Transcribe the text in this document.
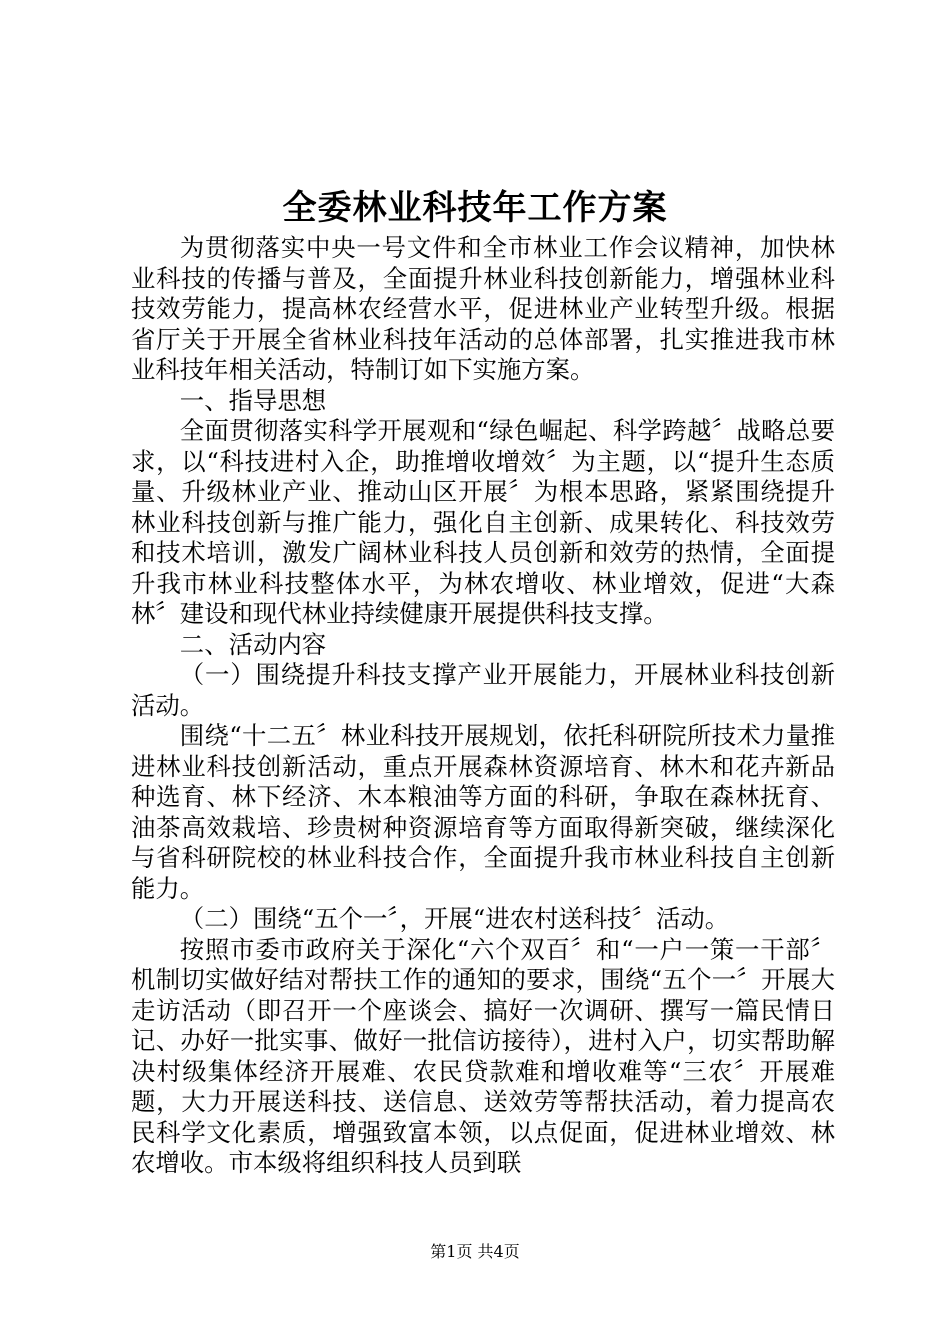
全委林业科技年工作方案

为贯彻落实中央一号文件和全市林业工作会议精神，加快林业科技的传播与普及，全面提升林业科技创新能力，增强林业科技效劳能力，提高林农经营水平，促进林业产业转型升级。根据省厅关于开展全省林业科技年活动的总体部署，扎实推进我市林业科技年相关活动，特制订如下实施方案。

一、指导思想

全面贯彻落实科学开展观和“绿色崛起、科学跨越〞战略总要求，以“科技进村入企，助推增收增效〞为主题，以“提升生态质量、升级林业产业、推动山区开展〞为根本思路，紧紧围绕提升林业科技创新与推广能力，强化自主创新、成果转化、科技效劳和技术培训，激发广阔林业科技人员创新和效劳的热情，全面提升我市林业科技整体水平，为林农增收、林业增效，促进“大森林〞建设和现代林业持续健康开展提供科技支撑。

二、活动内容

（一）围绕提升科技支撑产业开展能力，开展林业科技创新活动。

围绕“十二五〞林业科技开展规划，依托科研院所技术力量推进林业科技创新活动，重点开展森林资源培育、林木和花卉新品种选育、林下经济、木本粮油等方面的科研，争取在森林抚育、油茶高效栽培、珍贵树种资源培育等方面取得新突破，继续深化与省科研院校的林业科技合作，全面提升我市林业科技自主创新能力。

（二）围绕“五个一〞，开展“进农村送科技〞活动。

按照市委市政府关于深化“六个双百〞和“一户一策一干部〞机制切实做好结对帮扶工作的通知的要求，围绕“五个一〞开展大走访活动（即召开一个座谈会、搞好一次调研、撰写一篇民情日记、办好一批实事、做好一批信访接待），进村入户，切实帮助解决村级集体经济开展难、农民贷款难和增收难等“三农〞开展难题，大力开展送科技、送信息、送效劳等帮扶活动，着力提高农民科学文化素质，增强致富本领，以点促面，促进林业增效、林农增收。市本级将组织科技人员到联

第1页 共4页
